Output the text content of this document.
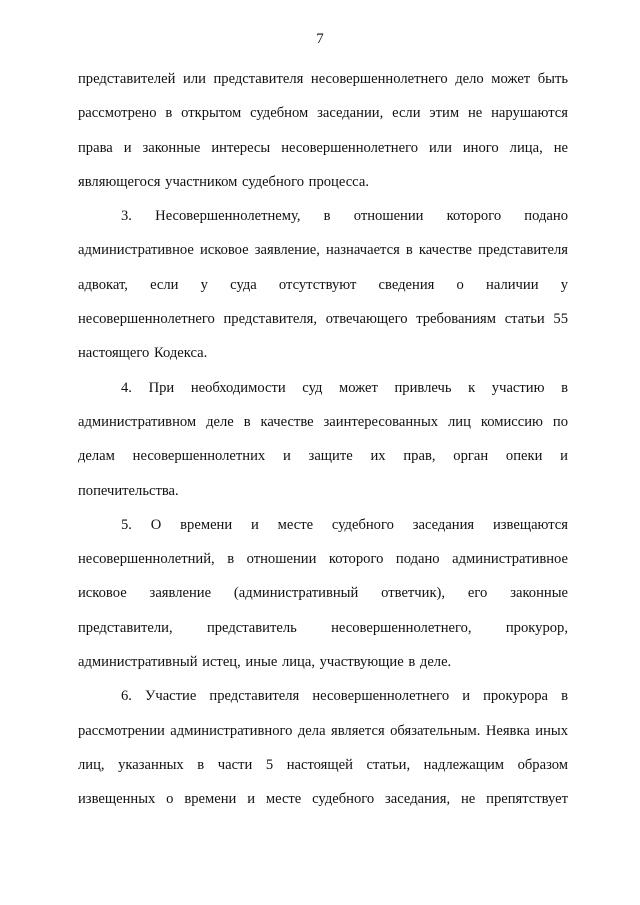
7

представителей или представителя несовершеннолетнего дело может быть рассмотрено в открытом судебном заседании, если этим не нарушаются права и законные интересы несовершеннолетнего или иного лица, не являющегося участником судебного процесса.

3. Несовершеннолетнему, в отношении которого подано административное исковое заявление, назначается в качестве представителя адвокат, если у суда отсутствуют сведения о наличии у несовершеннолетнего представителя, отвечающего требованиям статьи 55 настоящего Кодекса.

4. При необходимости суд может привлечь к участию в административном деле в качестве заинтересованных лиц комиссию по делам несовершеннолетних и защите их прав, орган опеки и попечительства.

5. О времени и месте судебного заседания извещаются несовершеннолетний, в отношении которого подано административное исковое заявление (административный ответчик), его законные представители, представитель несовершеннолетнего, прокурор, административный истец, иные лица, участвующие в деле.

6. Участие представителя несовершеннолетнего и прокурора в рассмотрении административного дела является обязательным. Неявка иных лиц, указанных в части 5 настоящей статьи, надлежащим образом извещенных о времени и месте судебного заседания, не препятствует
